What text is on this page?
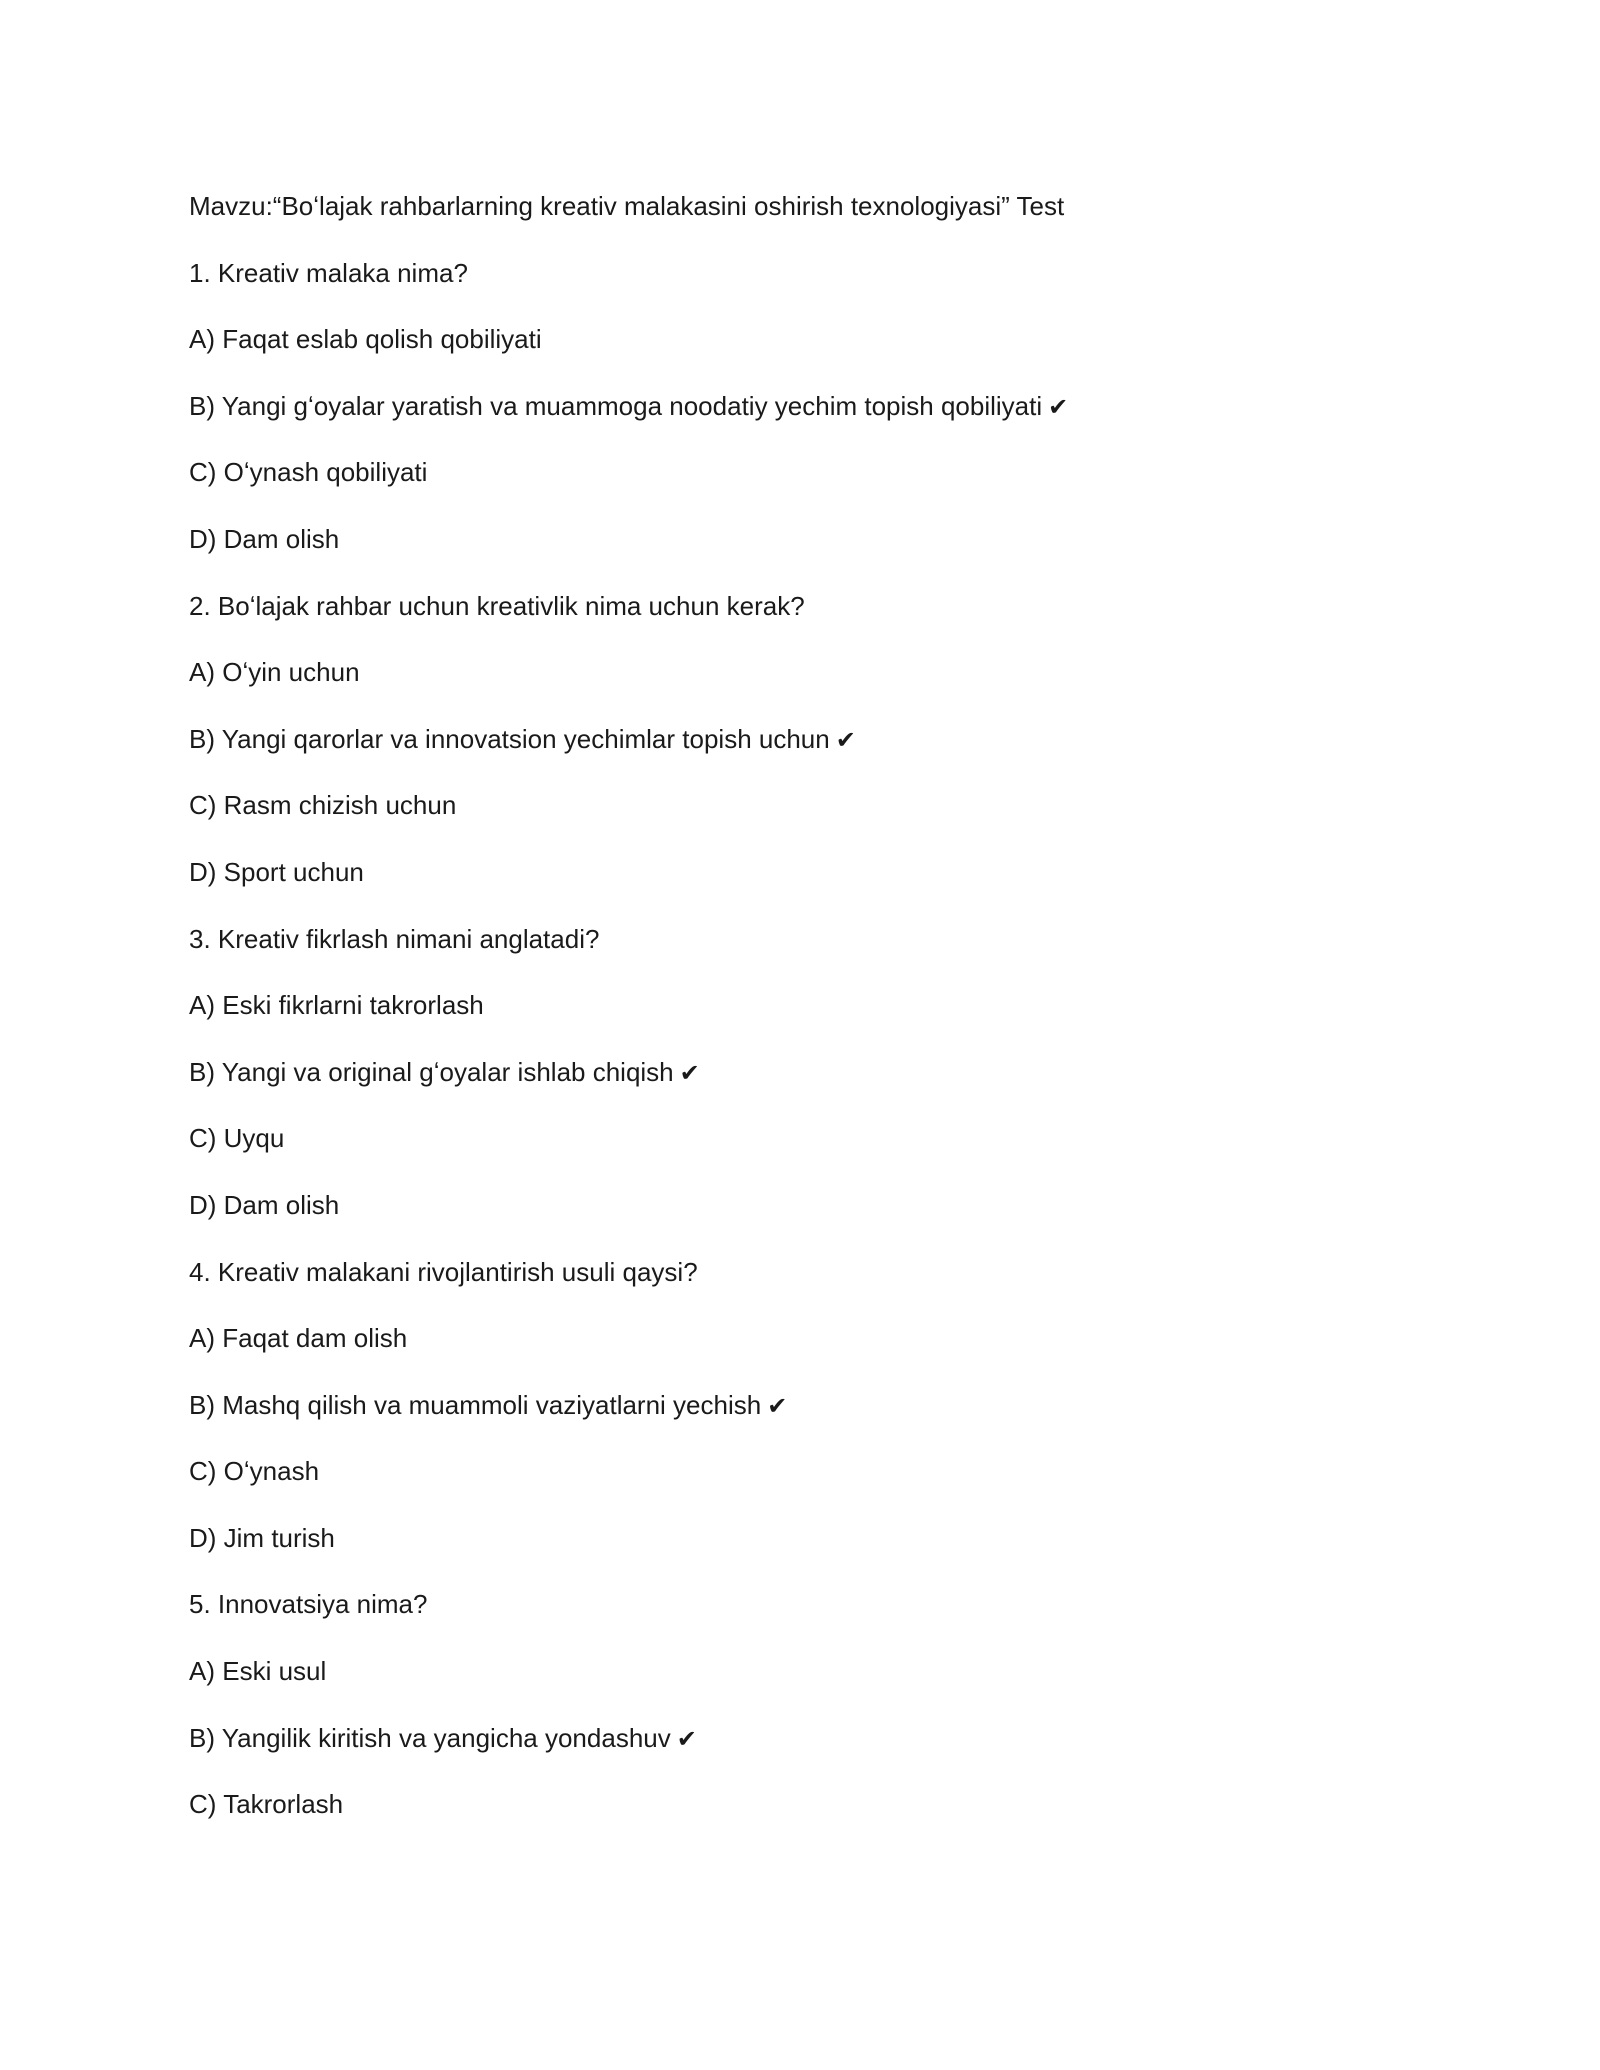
Mavzu:“Boʻlajak rahbarlarning kreativ malakasini oshirish texnologiyasi” Test
1. Kreativ malaka nima?
A) Faqat eslab qolish qobiliyati
B) Yangi gʻoyalar yaratish va muammoga noodatiy yechim topish qobiliyati ✔
C) Oʻynash qobiliyati
D) Dam olish
2. Boʻlajak rahbar uchun kreativlik nima uchun kerak?
A) Oʻyin uchun
B) Yangi qarorlar va innovatsion yechimlar topish uchun ✔
C) Rasm chizish uchun
D) Sport uchun
3. Kreativ fikrlash nimani anglatadi?
A) Eski fikrlarni takrorlash
B) Yangi va original gʻoyalar ishlab chiqish ✔
C) Uyqu
D) Dam olish
4. Kreativ malakani rivojlantirish usuli qaysi?
A) Faqat dam olish
B) Mashq qilish va muammoli vaziyatlarni yechish ✔
C) Oʻynash
D) Jim turish
5. Innovatsiya nima?
A) Eski usul
B) Yangilik kiritish va yangicha yondashuv ✔
C) Takrorlash
